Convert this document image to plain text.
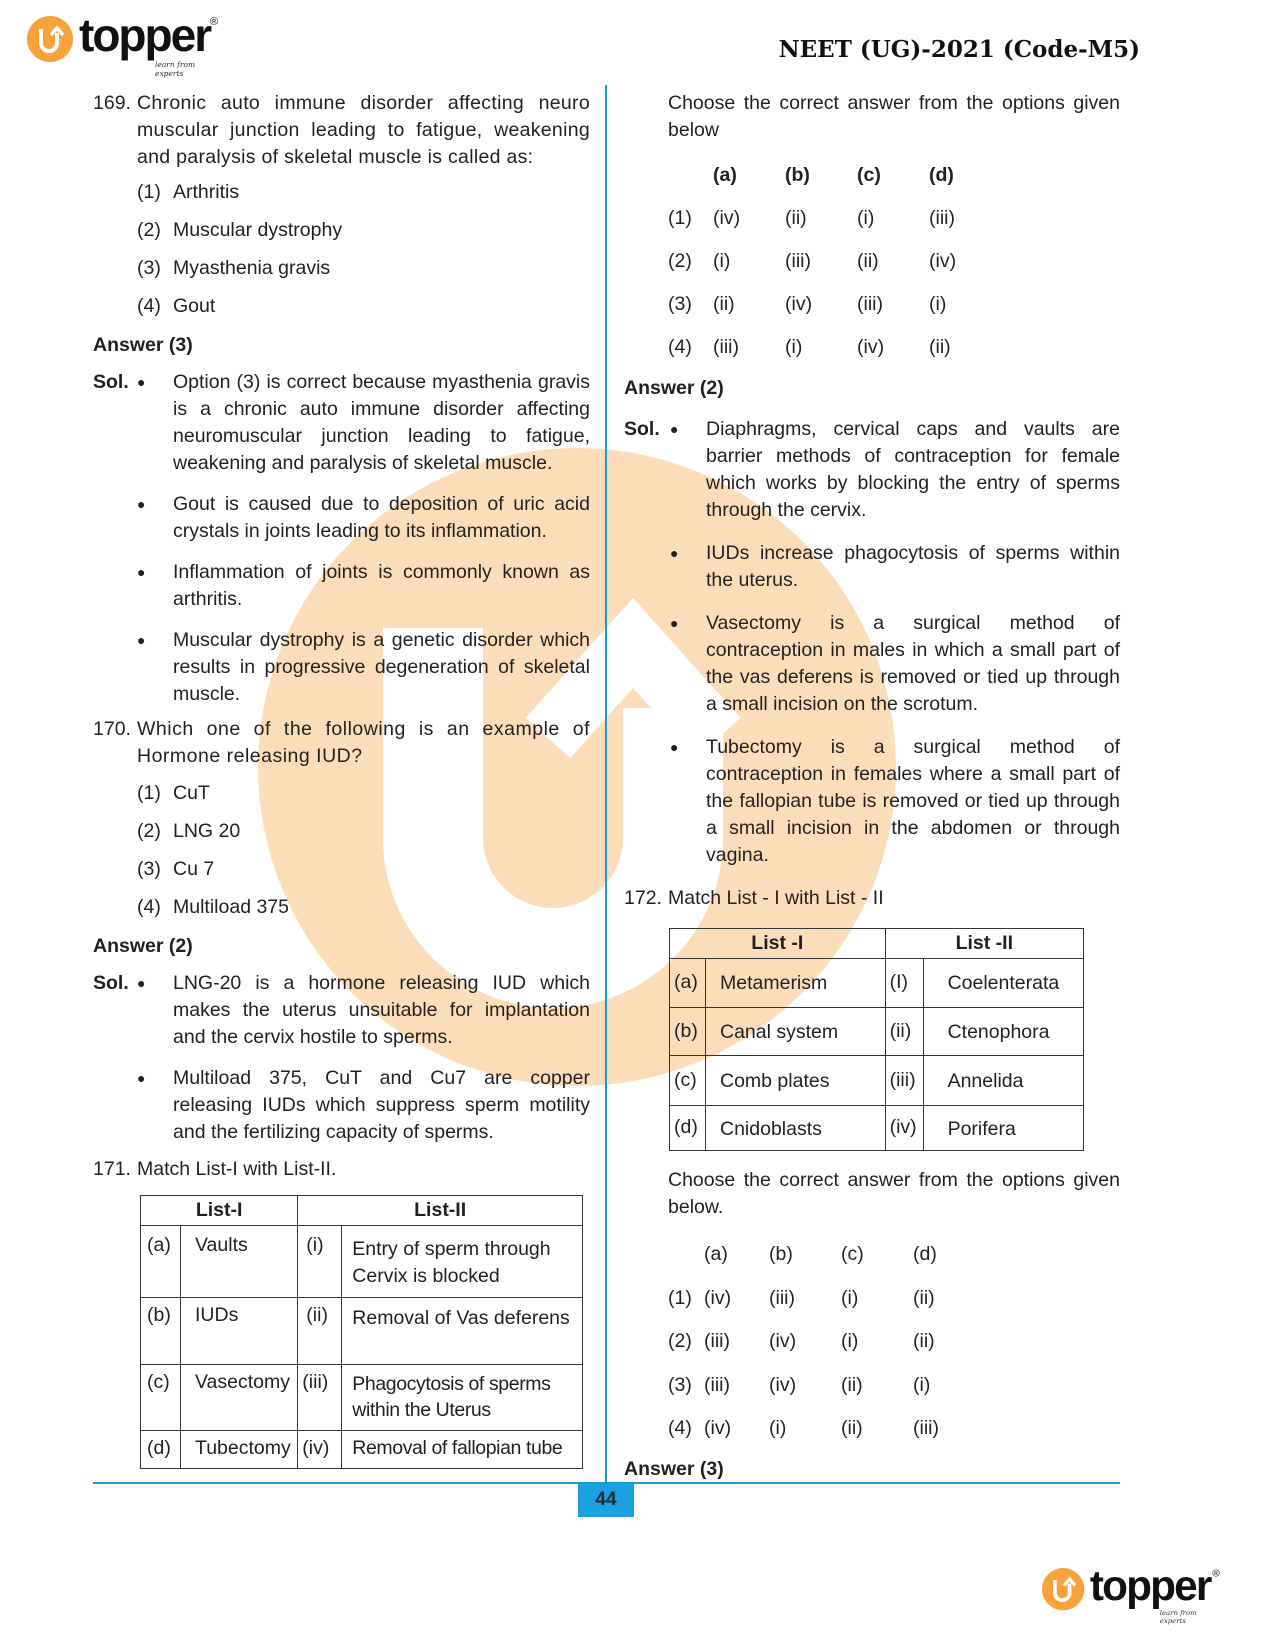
topper ®
learn from experts
NEET (UG)-2021 (Code-M5)
169. Chronic auto immune disorder affecting neuro muscular junction leading to fatigue, weakening and paralysis of skeletal muscle is called as:
(1) Arthritis
(2) Muscular dystrophy
(3) Myasthenia gravis
(4) Gout
Answer (3)
Sol. ●	Option (3) is correct because myasthenia gravis is a chronic auto immune disorder affecting neuromuscular junction leading to fatigue, weakening and paralysis of skeletal muscle.
●	Gout is caused due to deposition of uric acid crystals in joints leading to its inflammation.
●	Inflammation of joints is commonly known as arthritis.
●	Muscular dystrophy is a genetic disorder which results in progressive degeneration of skeletal muscle.
170. Which one of the following is an example of Hormone releasing IUD?
(1) CuT
(2) LNG 20
(3) Cu 7
(4) Multiload 375
Answer (2)
Sol. ●	LNG-20 is a hormone releasing IUD which makes the uterus unsuitable for implantation and the cervix hostile to sperms.
●	Multiload 375, CuT and Cu7 are copper releasing IUDs which suppress sperm motility and the fertilizing capacity of sperms.
171. Match List-I with List-II.
List-I		List-II	
(a)	Vaults	(i)	Entry of sperm through Cervix is blocked
(b)	IUDs	(ii)	Removal of Vas deferens
(c)	Vasectomy	(iii)	Phagocytosis of sperms within the Uterus
(d)	Tubectomy	(iv)	Removal of fallopian tube
Choose the correct answer from the options given below
(a)	(b)	(c)	(d)
(1)	(iv)	(ii)	(i)	(iii)
(2)	(i)	(iii)	(ii)	(iv)
(3)	(ii)	(iv)	(iii)	(i)
(4)	(iii)	(i)	(iv)	(ii)
Answer (2)
Sol. ●	Diaphragms, cervical caps and vaults are barrier methods of contraception for female which works by blocking the entry of sperms through the cervix.
●	IUDs increase phagocytosis of sperms within the uterus.
●	Vasectomy is a surgical method of contraception in males in which a small part of the vas deferens is removed or tied up through a small incision on the scrotum.
●	Tubectomy is a surgical method of contraception in females where a small part of the fallopian tube is removed or tied up through a small incision in the abdomen or through vagina.
172. Match List - I with List - II
List -I		List -II	
(a)	Metamerism	(I)	Coelenterata
(b)	Canal system	(ii)	Ctenophora
(c)	Comb plates	(iii)	Annelida
(d)	Cnidoblasts	(iv)	Porifera
Choose the correct answer from the options given below.
(a)	(b)	(c)	(d)
(1) (iv)	(iii)	(i)	(ii)
(2) (iii)	(iv)	(i)	(ii)
(3) (iii)	(iv)	(ii)	(i)
(4) (iv)	(i)	(ii)	(iii)
Answer (3)
44
topper ®
learn from experts
